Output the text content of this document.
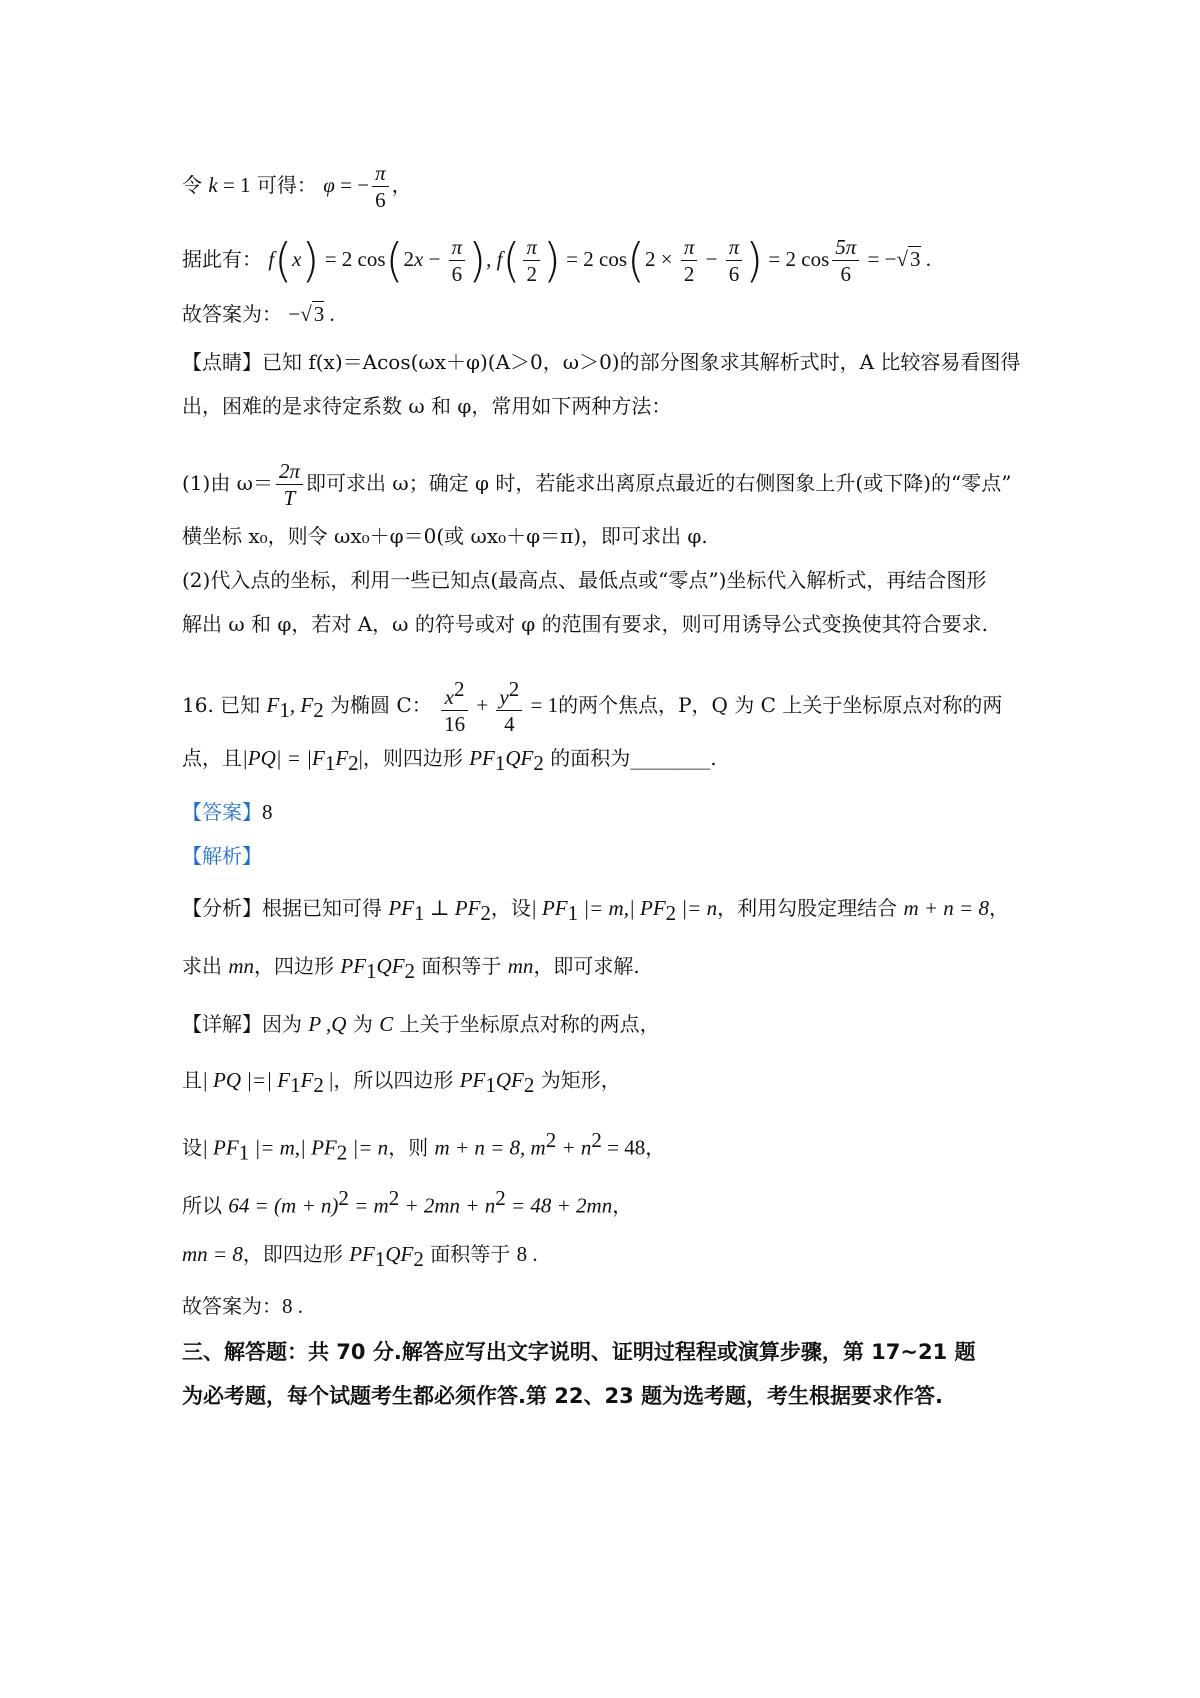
令 k = 1 可得： φ = − $\frac{\pi}{6}$ ，
据此有： f(x) = 2 $\cos(2x - \frac{\pi}{6}$ ), $f( \frac{\pi}{2}$ ) = 2 $\cos(2 \times \frac{\pi}{2} - \frac{\pi}{6}$ ) = 2 $\cos \frac{5\pi}{6} = -√3$ .
故答案为： −√3 .
【点睛】已知 f(x)＝Acos(ωx＋φ)(A＞0，ω＞0)的部分图象求其解析式时，A 比较容易看图得
出，困难的是求待定系数 ω 和 φ，常用如下两种方法：
(1)由 $\omega= \frac{2\pi}{T}$ 即可求出 ω；确定 φ 时，若能求出离原点最近的右侧图象上升(或下降)的“零点”
横坐标 x₀，则令 ωx₀＋φ＝0(或 ωx₀＋φ＝π)，即可求出 φ.
(2)代入点的坐标，利用一些已知点(最高点、最低点或“零点”)坐标代入解析式，再结合图形
解出 ω 和 φ，若对 A，ω 的符号或对 φ 的范围有要求，则可用诱导公式变换使其符合要求.
16. 已知 $F_1$, $F_2$ 为椭圆 C： $\frac{x^2}{16} + \frac{y^2}{4} = 1$的两个焦点，P，Q 为 C 上关于坐标原点对称的两
点，且$|PQ| = |F_1F_2|$，则四边形 $PF_1QF_2$ 的面积为________.
【答案】8
【解析】
【分析】根据已知可得 $PF_1$ ⊥ $PF_2$，设| $PF_1$ |= m,| $PF_2$ |= n，利用勾股定理结合 m + n = 8，
求出 mn，四边形 $PF_1QF_2$ 面积等于 mn，即可求解.
【详解】因为 P ,Q 为 C 上关于坐标原点对称的两点，
且| PQ |=| $F_1F_2$ |，所以四边形 $PF_1QF_2$ 为矩形，
设| $PF_1$ |= m,| $PF_2$ |= n，则 m + n = 8, $m^2 + n^2 = 48$，
所以 $64 = (m + n)^2 = m^2 + 2mn + n^2 = 48 + 2mn$，
mn = 8，即四边形 $PF_1QF_2$ 面积等于 8 .
故答案为：8 .
三、解答题：共 70 分.解答应写出文字说明、证明过程程或演算步骤，第 17~21 题
为必考题，每个试题考生都必须作答.第 22、23 题为选考题，考生根据要求作答.
